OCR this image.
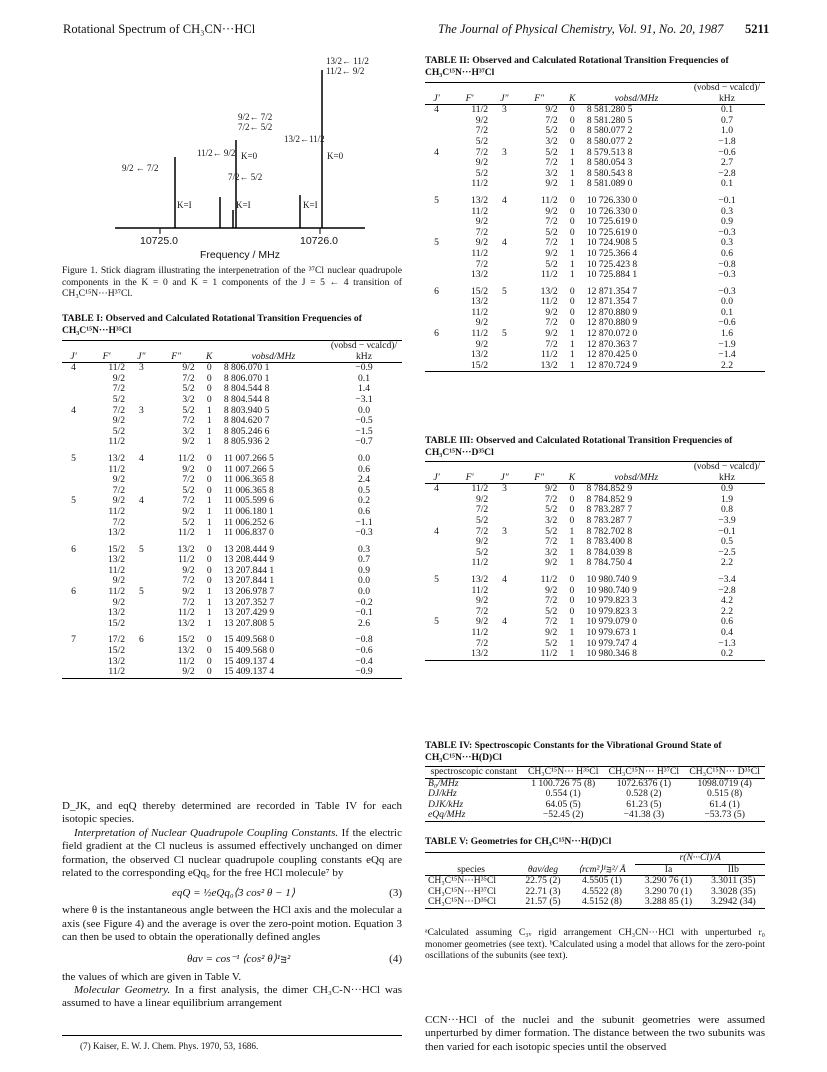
Rotational Spectrum of CH₃CN···HCl	The Journal of Physical Chemistry, Vol. 91, No. 20, 1987 5211
13/2← 11/2
11/2← 9/2
9/2← 7/2
7/2← 5/2
13/2←11/2
11/2← 9/2
9/2 ← 7/2
7/2← 5/2
K=0	K=0
K=I	K=I	K=I
10725.0	10726.0
Frequency / MHz
Figure 1. Stick diagram illustrating the interpenetration of the ³⁷Cl nuclear quadrupole components in the K = 0 and K = 1 components of the J = 5 ← 4 transition of CH₃C¹⁵N···H³⁷Cl.
TABLE I: Observed and Calculated Rotational Transition Frequencies of CH₃C¹⁵N···H³⁵Cl
J′	F′	J″	F″	K	νobsd/MHz	(νobsd − νcalcd)/ kHz
4	11/2	3	9/2	0	8 806.070 1	−0.9
	9/2		7/2	0	8 806.070 1	0.1
	7/2		5/2	0	8 804.544 8	1.4
	5/2		3/2	0	8 804.544 8	−3.1
4	7/2	3	5/2	1	8 803.940 5	0.0
	9/2		7/2	1	8 804.620 7	−0.5
	5/2		3/2	1	8 805.246 6	−1.5
	11/2		9/2	1	8 805.936 2	−0.7
5	13/2	4	11/2	0	11 007.266 5	0.0
	11/2		9/2	0	11 007.266 5	0.6
	9/2		7/2	0	11 006.365 8	2.4
	7/2		5/2	0	11 006.365 8	0.5
5	9/2	4	7/2	1	11 005.599 6	0.2
	11/2		9/2	1	11 006.180 1	0.6
	7/2		5/2	1	11 006.252 6	−1.1
	13/2		11/2	1	11 006.837 0	−0.3
6	15/2	5	13/2	0	13 208.444 9	0.3
	13/2		11/2	0	13 208.444 9	0.7
	11/2		9/2	0	13 207.844 1	0.9
	9/2		7/2	0	13 207.844 1	0.0
6	11/2	5	9/2	1	13 206.978 7	0.0
	9/2		7/2	1	13 207.352 7	−0.2
	13/2		11/2	1	13 207.429 9	−0.1
	15/2		13/2	1	13 207.808 5	2.6
7	17/2	6	15/2	0	15 409.568 0	−0.8
	15/2		13/2	0	15 409.568 0	−0.6
	13/2		11/2	0	15 409.137 4	−0.4
	11/2		9/2	0	15 409.137 4	−0.9
D_JK, and eqQ thereby determined are recorded in Table IV for each isotopic species.
Interpretation of Nuclear Quadrupole Coupling Constants. If the electric field gradient at the Cl nucleus is assumed effectively unchanged on dimer formation, the observed Cl nuclear quadrupole coupling constants eQq are related to the corresponding eQq₀ for the free HCl molecule⁷ by
eqQ = ½eQq₀⟨3 cos² θ − 1⟩	(3)
where θ is the instantaneous angle between the HCl axis and the molecular a axis (see Figure 4) and the average is over the zero-point motion. Equation 3 can then be used to obtain the operationally defined angles
θav = cos⁻¹ ⟨cos² θ⟩¹ᴟ²	(4)
the values of which are given in Table V.
Molecular Geometry. In a first analysis, the dimer CH₃C-N···HCl was assumed to have a linear equilibrium arrangement
(7) Kaiser, E. W. J. Chem. Phys. 1970, 53, 1686.
TABLE II: Observed and Calculated Rotational Transition Frequencies of CH₃C¹⁵N···H³⁷Cl
J′	F′	J″	F″	K	νobsd/MHz	(νobsd − νcalcd)/ kHz
4	11/2	3	9/2	0	8 581.280 5	0.1
	9/2		7/2	0	8 581.280 5	0.7
	7/2		5/2	0	8 580.077 2	1.0
	5/2		3/2	0	8 580.077 2	−1.8
4	7/2	3	5/2	1	8 579.513 8	−0.6
	9/2		7/2	1	8 580.054 3	2.7
	5/2		3/2	1	8 580.543 8	−2.8
	11/2		9/2	1	8 581.089 0	0.1
5	13/2	4	11/2	0	10 726.330 0	−0.1
	11/2		9/2	0	10 726.330 0	0.3
	9/2		7/2	0	10 725.619 0	0.9
	7/2		5/2	0	10 725.619 0	−0.3
5	9/2	4	7/2	1	10 724.908 5	0.3
	11/2		9/2	1	10 725.366 4	0.6
	7/2		5/2	1	10 725.423 8	−0.8
	13/2		11/2	1	10 725.884 1	−0.3
6	15/2	5	13/2	0	12 871.354 7	−0.3
	13/2		11/2	0	12 871.354 7	0.0
	11/2		9/2	0	12 870.880 9	0.1
	9/2		7/2	0	12 870.880 9	−0.6
6	11/2	5	9/2	1	12 870.072 0	1.6
	9/2		7/2	1	12 870.363 7	−1.9
	13/2		11/2	1	12 870.425 0	−1.4
	15/2		13/2	1	12 870.724 9	2.2
TABLE III: Observed and Calculated Rotational Transition Frequencies of CH₃C¹⁵N···D³⁵Cl
J′	F′	J″	F″	K	νobsd/MHz	(νobsd − νcalcd)/ kHz
4	11/2	3	9/2	0	8 784.852 9	0.9
	9/2		7/2	0	8 784.852 9	1.9
	7/2		5/2	0	8 783.287 7	0.8
	5/2		3/2	0	8 783.287 7	−3.9
4	7/2	3	5/2	1	8 782.702 8	−0.1
	9/2		7/2	1	8 783.400 8	0.5
	5/2		3/2	1	8 784.039 8	−2.5
	11/2		9/2	1	8 784.750 4	2.2
5	13/2	4	11/2	0	10 980.740 9	−3.4
	11/2		9/2	0	10 980.740 9	−2.8
	9/2		7/2	0	10 979.823 3	4.2
	7/2		5/2	0	10 979.823 3	2.2
5	9/2	4	7/2	1	10 979.079 0	0.6
	11/2		9/2	1	10 979.673 1	0.4
	7/2		5/2	1	10 979.747 4	−1.3
	13/2		11/2	1	10 980.346 8	0.2
TABLE IV: Spectroscopic Constants for the Vibrational Ground State of CH₃C¹⁵N···H(D)Cl
spectroscopic constant	CH₃C¹⁵N··· H³⁵Cl	CH₃C¹⁵N··· H³⁷Cl	CH₃C¹⁵N··· D³⁵Cl
B₀/MHz	1 100.726 75 (8)	1072.6376 (1)	1098.0719 (4)
DJ/kHz	0.554 (1)	0.528 (2)	0.515 (8)
DJK/kHz	64.05 (5)	61.23 (5)	61.4 (1)
eQq/MHz	−52.45 (2)	−41.38 (3)	−53.73 (5)
TABLE V: Geometries for CH₃C¹⁵N···H(D)Cl
species	θav/deg	⟨rcm²⟩¹ᴟ²/ Å	r(N···Cl)/Å	
			Ia	IIb
CH₃C¹⁵N···H³⁵Cl	22.75 (2)	4.5505 (1)	3.290 76 (1)	3.3011 (35)
CH₃C¹⁵N···H³⁷Cl	22.71 (3)	4.5522 (8)	3.290 70 (1)	3.3028 (35)
CH₃C¹⁵N···D³⁵Cl	21.57 (5)	4.5152 (8)	3.288 85 (1)	3.2942 (34)
ᵃCalculated assuming C₃ᵥ rigid arrangement CH₃CN···HCl with unperturbed r₀ monomer geometries (see text). ᵇCalculated using a model that allows for the zero-point oscillations of the subunits (see text).
CCN···HCl of the nuclei and the subunit geometries were assumed unperturbed by dimer formation. The distance between the two subunits was then varied for each isotopic species until the observed
